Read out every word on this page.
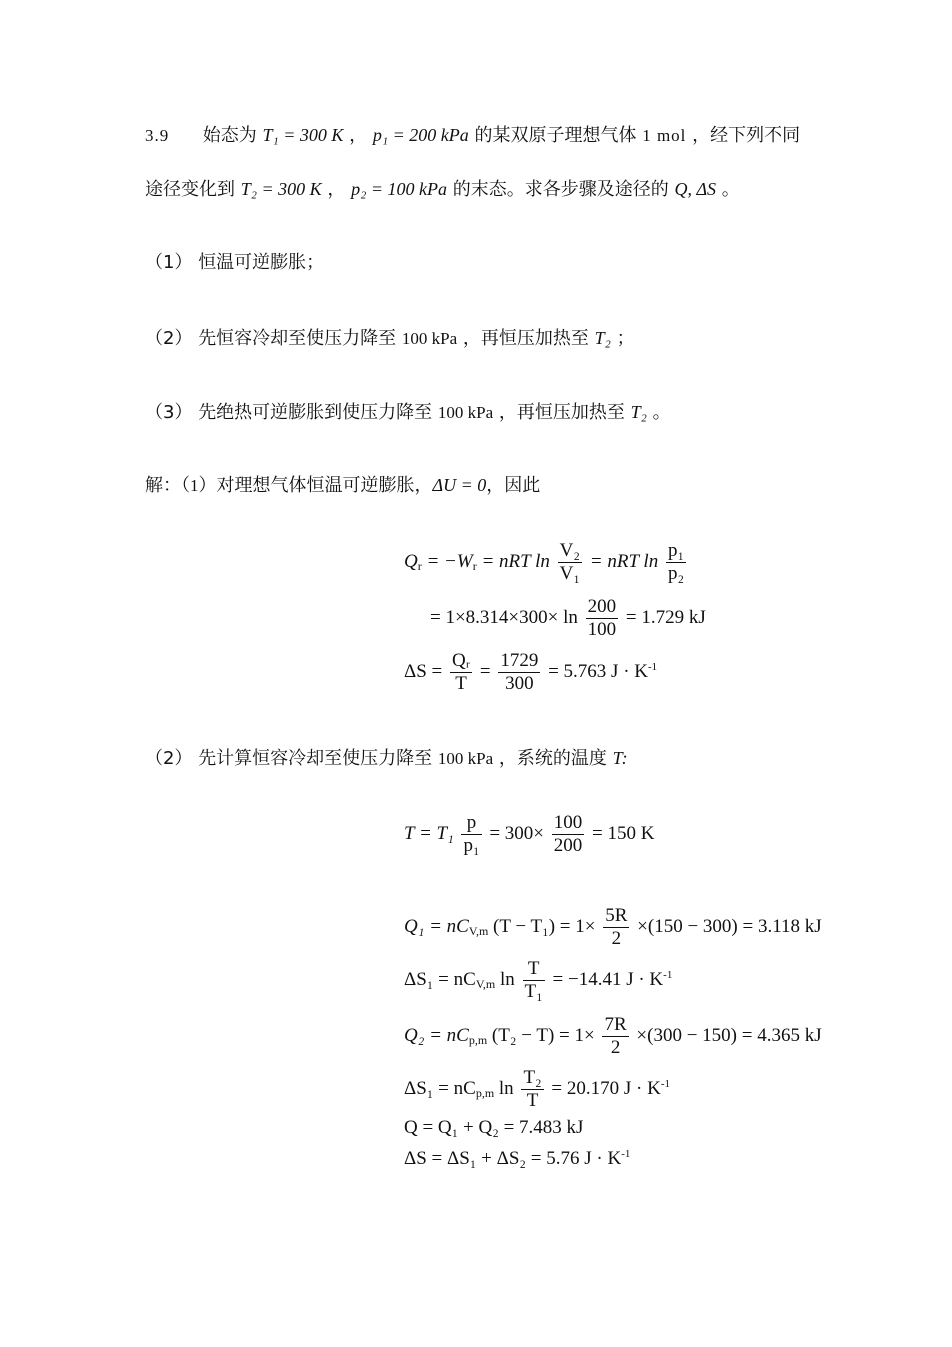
3.9 始态为 T₁ = 300 K ， p₁ = 200 kPa 的某双原子理想气体 1 mol ，经下列不同
途径变化到 T₂ = 300 K ， p₂ = 100 kPa 的末态。求各步骤及途径的 Q, ΔS 。
（1） 恒温可逆膨胀；
（2） 先恒容冷却至使压力降至 100 kPa ，再恒压加热至 T₂ ；
（3） 先绝热可逆膨胀到使压力降至 100 kPa ，再恒压加热至 T₂ 。
解：（1）对理想气体恒温可逆膨胀，ΔU = 0，因此
$Q_r = -W_r$ = nRT $\ln \frac{\text{V₂}}{\text{V₁}}$ = nRT $\ln \frac{\text{p₁}}{\text{p₂}}$
= $1\times 8.314\times 300\times \ln \frac{200}{100} = 1.729$ kJ
$\Delta S = \frac{\text{Qᵣ}}{T} = \frac{1729}{300} = 5.763$ $J \cdot K^{-1}$
（2） 先计算恒容冷却至使压力降至 100 kPa ，系统的温度 T:
$T = T_1 \frac{p}{\text{p₁}} = 300\times \frac{100}{200} = 150$ K
$Q_1 = nC_{V,m}$ $(T - T_1) = 1\times \frac{5R}{2} \times(150 - 300) = 3.118$ kJ
$\Delta S_1 = nC_{V,m}$ $\ln \frac{T}{\text{T₁}} = -14.41$ $J \cdot K^{-1}$
$Q_2 = nC_{p,m}$ $(T_2 - T) = 1\times \frac{7R}{2} \times(300 - 150) = 4.365$ kJ
$\Delta S_1 = nC_{p,m}$ $\ln \frac{\text{T₂}}{T} = 20.170$ $J \cdot K^{-1}$
Q = Q₁ + Q₂ = 7.483 kJ
ΔS = ΔS₁ + ΔS₂ = 5.76 $J \cdot K^{-1}$
